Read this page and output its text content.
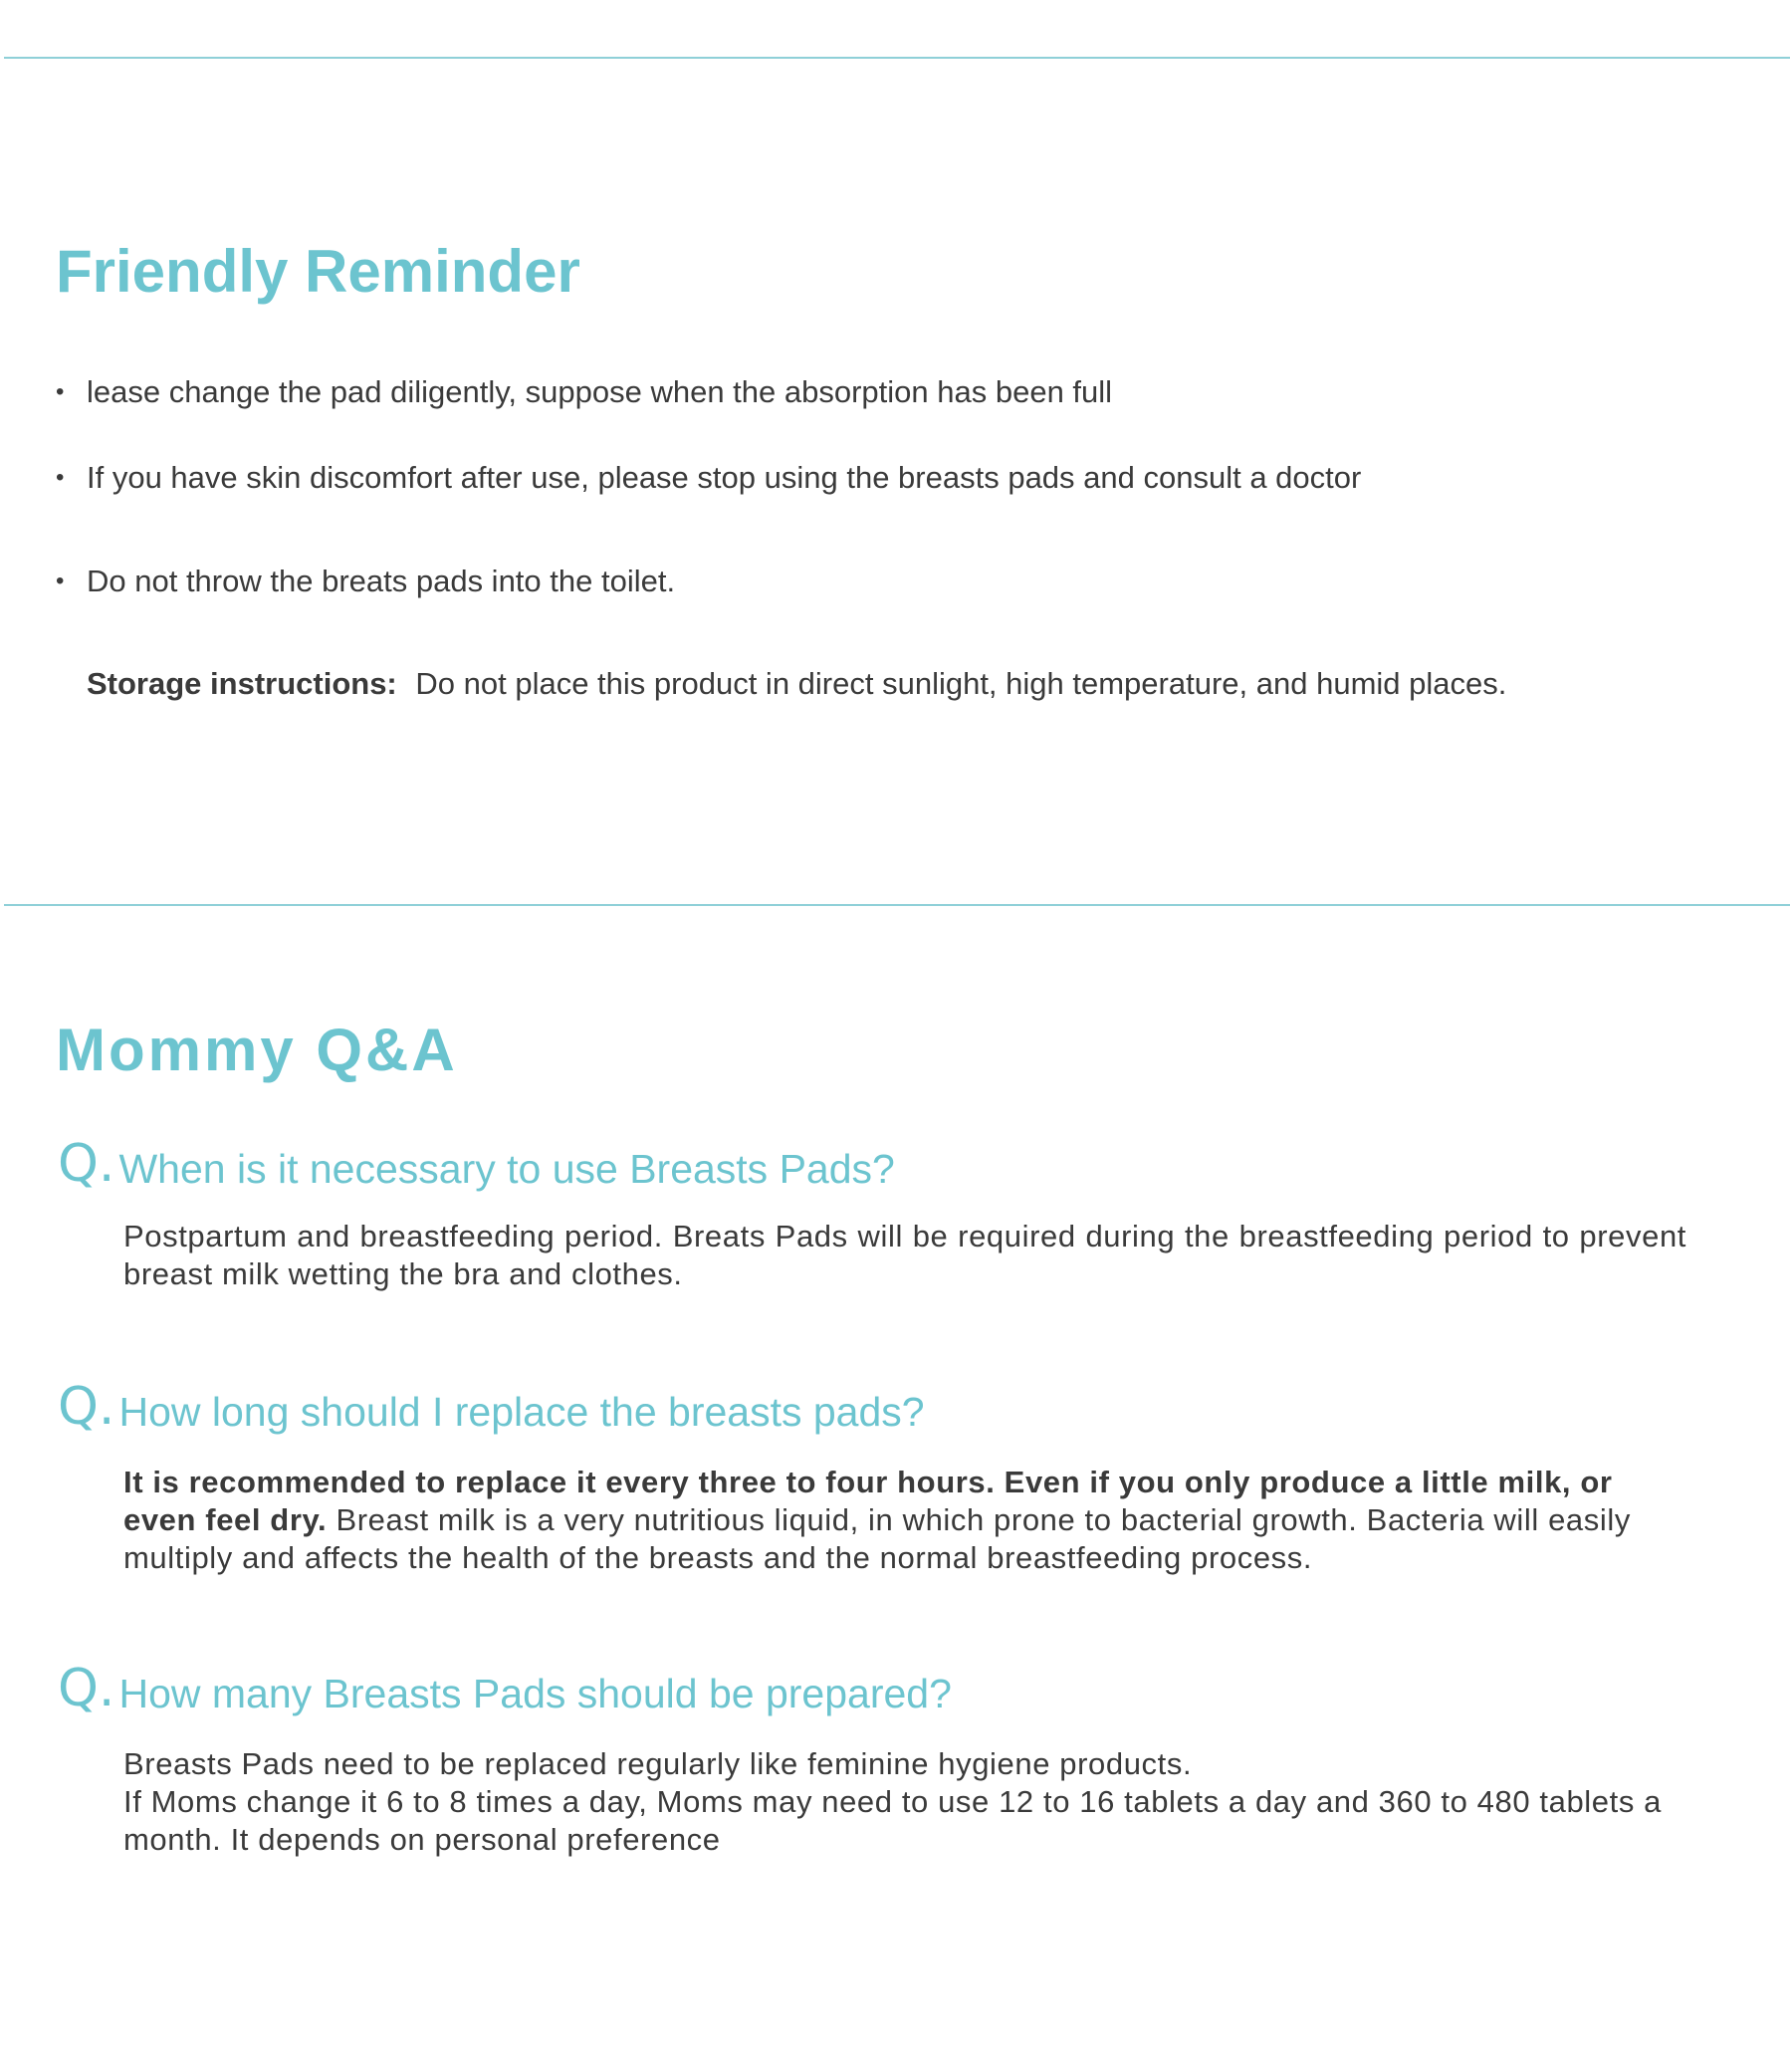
Friendly Reminder
• lease change the pad diligently, suppose when the absorption has been full
• If you have skin discomfort after use, please stop using the breasts pads and consult a doctor
• Do not throw the breats pads into the toilet.
Storage instructions: Do not place this product in direct sunlight, high temperature, and humid places.
Mommy Q&A
Q.When is it necessary to use Breasts Pads?
Postpartum and breastfeeding period. Breats Pads will be required during the breastfeeding period to prevent breast milk wetting the bra and clothes.
Q.How long should I replace the breasts pads?
It is recommended to replace it every three to four hours. Even if you only produce a little milk, or even feel dry. Breast milk is a very nutritious liquid, in which prone to bacterial growth. Bacteria will easily multiply and affects the health of the breasts and the normal breastfeeding process.
Q.How many Breasts Pads should be prepared?
Breasts Pads need to be replaced regularly like feminine hygiene products.
If Moms change it 6 to 8 times a day, Moms may need to use 12 to 16 tablets a day and 360 to 480 tablets a month. It depends on personal preference
